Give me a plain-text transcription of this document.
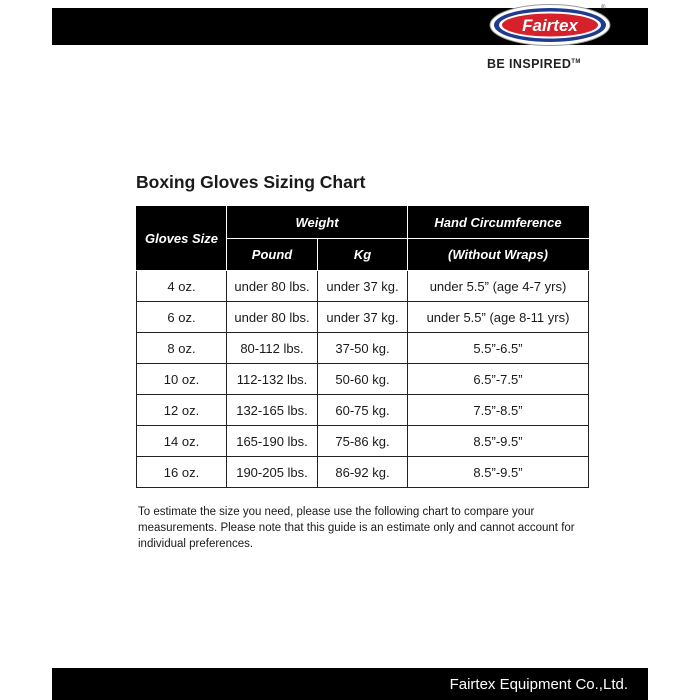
Fairtex
®
BE INSPIRED™
Boxing Gloves Sizing Chart
Gloves Size	Weight		Hand Circumference
	Pound	Kg	(Without Wraps)
4 oz.	under 80 lbs.	under 37 kg.	under 5.5” (age 4-7 yrs)
6 oz.	under 80 lbs.	under 37 kg.	under 5.5” (age 8-11 yrs)
8 oz.	80-112 lbs.	37-50 kg.	5.5”-6.5”
10 oz.	112-132 lbs.	50-60 kg.	6.5”-7.5”
12 oz.	132-165 lbs.	60-75 kg.	7.5”-8.5”
14 oz.	165-190 lbs.	75-86 kg.	8.5”-9.5”
16 oz.	190-205 lbs.	86-92 kg.	8.5”-9.5”
To estimate the size you need, please use the following chart to compare your measurements. Please note that this guide is an estimate only and cannot account for individual preferences.
Fairtex Equipment Co.,Ltd.
